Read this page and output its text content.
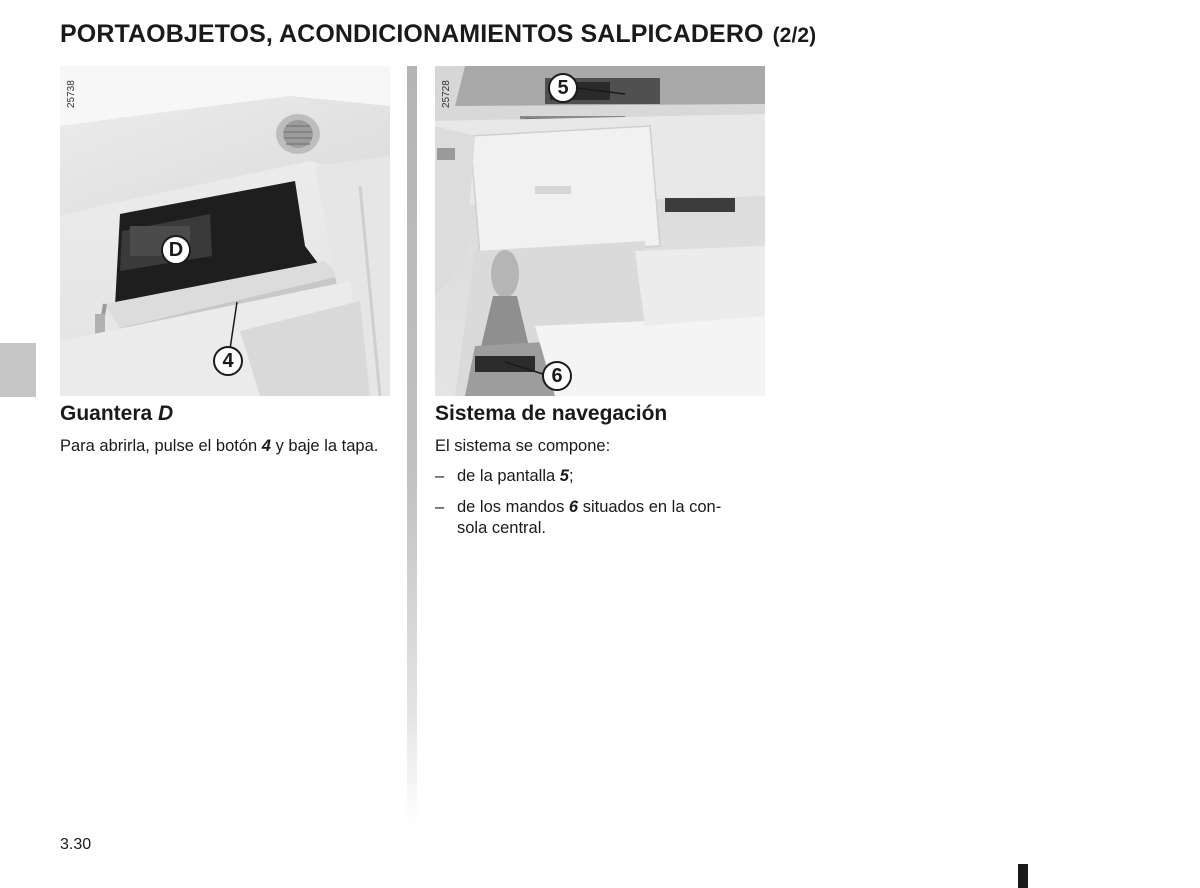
PORTAOBJETOS, ACONDICIONAMIENTOS SALPICADERO (2/2)
D
4
25738	5
6
25728
Guantera D
Para abrirla, pulse el botón 4 y baje la tapa.
Sistema de navegación
El sistema se compone:
– de la pantalla 5;
– de los mandos 6 situados en la con-
sola central.
3.30
